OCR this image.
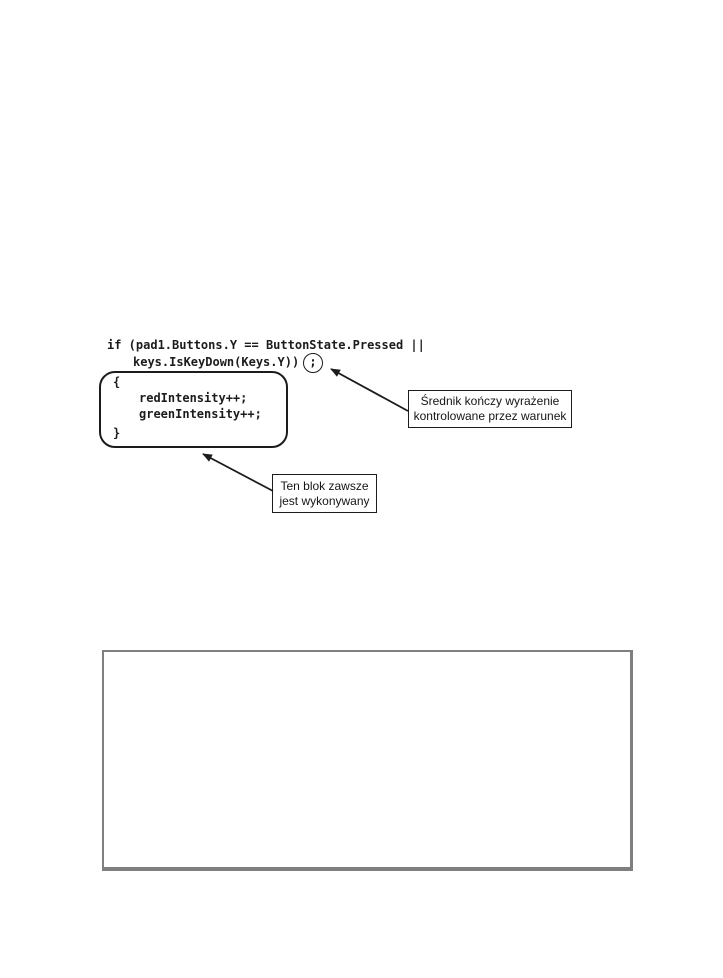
if (pad1.Buttons.Y == ButtonState.Pressed ||
keys.IsKeyDown(Keys.Y)) ;
{
redIntensity++;
greenIntensity++;
}
Średnik kończy wyrażenie
kontrolowane przez warunek
Ten blok zawsze
jest wykonywany
